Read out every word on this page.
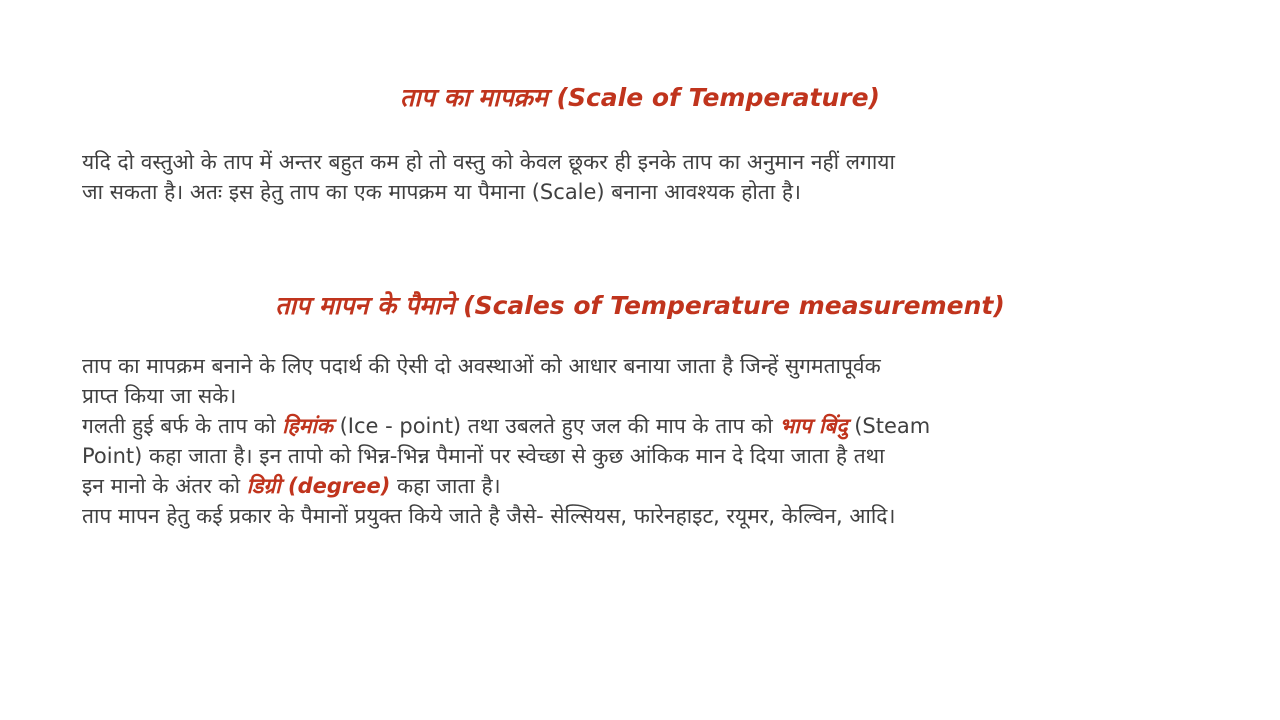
ताप का मापक्रम (Scale of Temperature)
यदि दो वस्तुओ के ताप में अन्तर बहुत कम हो तो वस्तु को केवल छूकर ही इनके ताप का अनुमान नहीं लगाया
जा सकता है। अतः इस हेतु ताप का एक मापक्रम या पैमाना (Scale) बनाना आवश्यक होता है।
ताप मापन के पैमाने (Scales of Temperature measurement)
ताप का मापक्रम बनाने के लिए पदार्थ की ऐसी दो अवस्थाओं को आधार बनाया जाता है जिन्हें सुगमतापूर्वक
प्राप्त किया जा सके।
गलती हुई बर्फ के ताप को हिमांक (Ice - point) तथा उबलते हुए जल की माप के ताप को भाप बिंदु (Steam
Point) कहा जाता है। इन तापो को भिन्न-भिन्न पैमानों पर स्वेच्छा से कुछ आंकिक मान दे दिया जाता है तथा
इन मानो के अंतर को डिग्री (degree) कहा जाता है।
ताप मापन हेतु कई प्रकार के पैमानों प्रयुक्त किये जाते है जैसे- सेल्सियस, फारेनहाइट, रयूमर, केल्विन, आदि।
